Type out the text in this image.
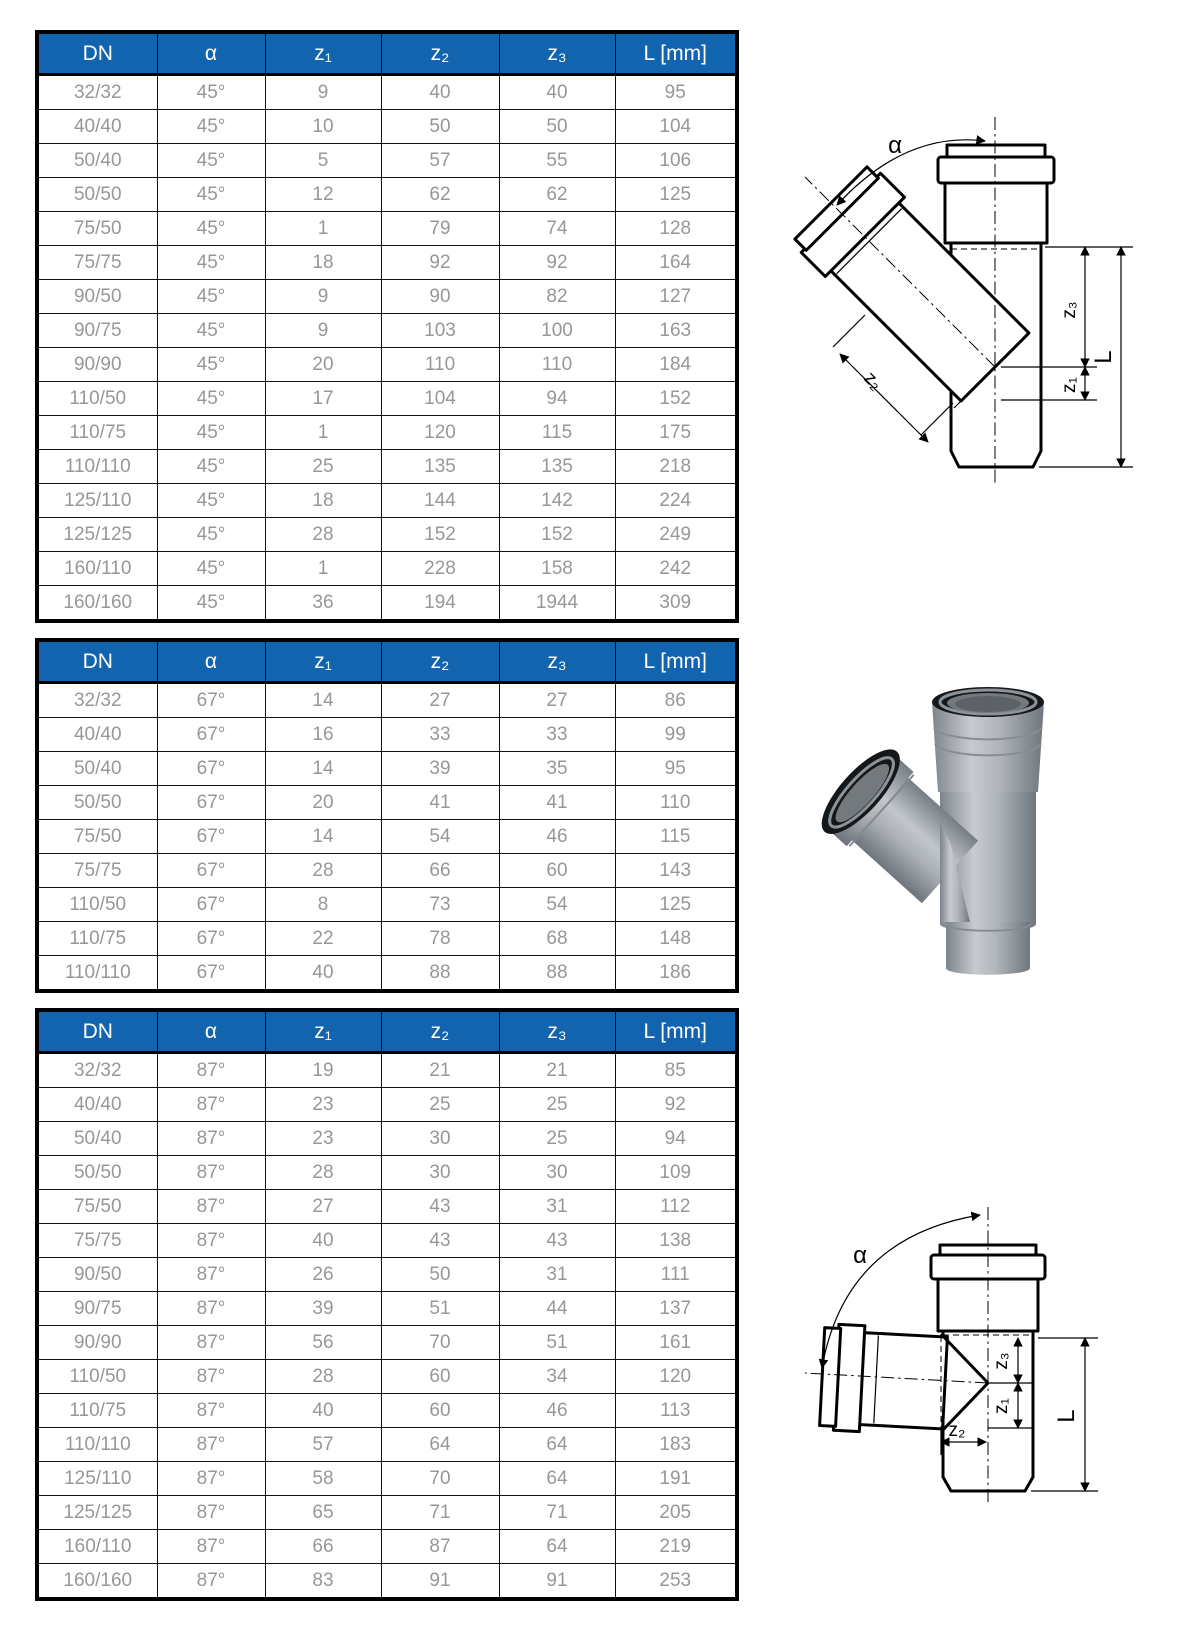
DN	α	z₁	z₂	z₃	L [mm]
32/32	45°	9	40	40	95
40/40	45°	10	50	50	104
50/40	45°	5	57	55	106
50/50	45°	12	62	62	125
75/50	45°	1	79	74	128
75/75	45°	18	92	92	164
90/50	45°	9	90	82	127
90/75	45°	9	103	100	163
90/90	45°	20	110	110	184
110/50	45°	17	104	94	152
110/75	45°	1	120	115	175
110/110	45°	25	135	135	218
125/110	45°	18	144	142	224
125/125	45°	28	152	152	249
160/110	45°	1	228	158	242
160/160	45°	36	194	1944	309
DN	α	z₁	z₂	z₃	L [mm]
32/32	67°	14	27	27	86
40/40	67°	16	33	33	99
50/40	67°	14	39	35	95
50/50	67°	20	41	41	110
75/50	67°	14	54	46	115
75/75	67°	28	66	60	143
110/50	67°	8	73	54	125
110/75	67°	22	78	68	148
110/110	67°	40	88	88	186
DN	α	z₁	z₂	z₃	L [mm]
32/32	87°	19	21	21	85
40/40	87°	23	25	25	92
50/40	87°	23	30	25	94
50/50	87°	28	30	30	109
75/50	87°	27	43	31	112
75/75	87°	40	43	43	138
90/50	87°	26	50	31	111
90/75	87°	39	51	44	137
90/90	87°	56	70	51	161
110/50	87°	28	60	34	120
110/75	87°	40	60	46	113
110/110	87°	57	64	64	183
125/110	87°	58	70	64	191
125/125	87°	65	71	71	205
160/110	87°	66	87	64	219
160/160	87°	83	91	91	253
α
z₃
z₁
L
z₂
α
z₃
z₁
z₂
L
